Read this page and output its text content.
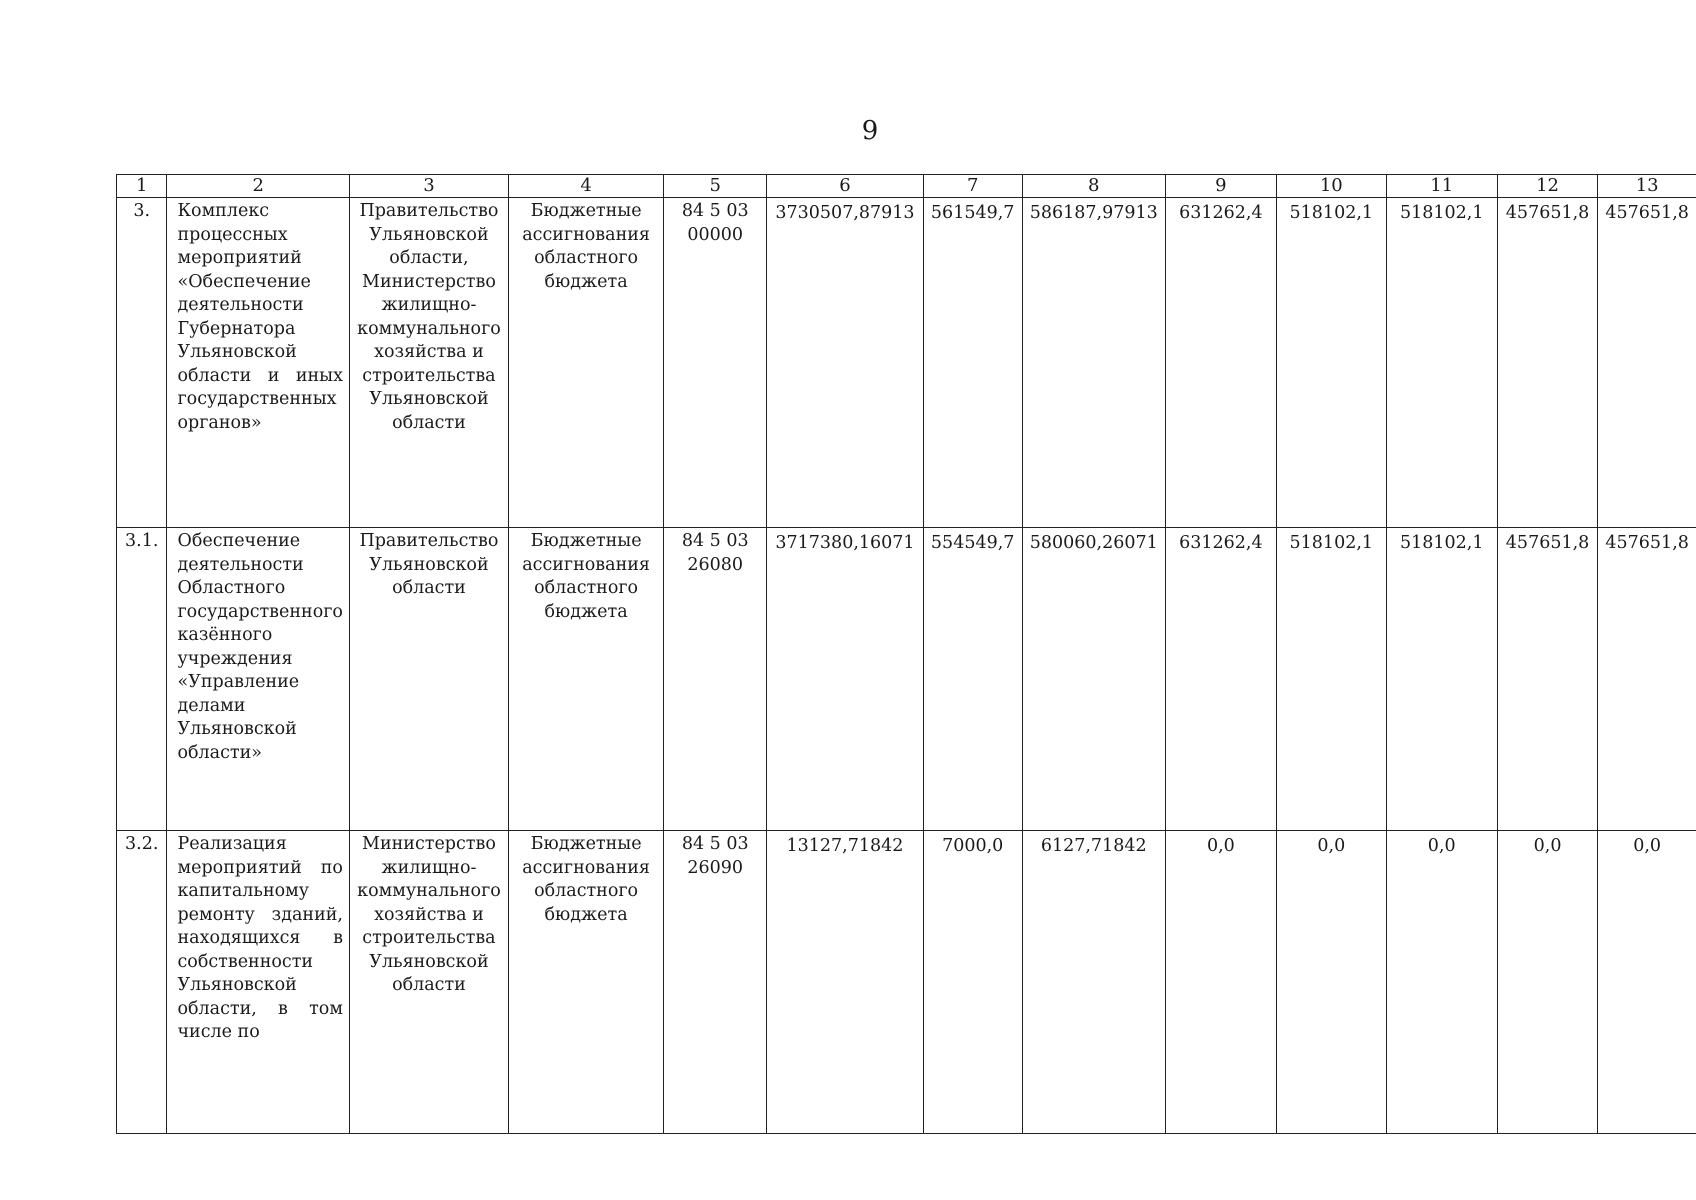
9
1	2	3	4	5	6	7	8	9	10	11	12	13
3.	Комплекс процессных мероприятий «Обеспечение деятельности Губернатора Ульяновской области и иных государственных органов»	Правительство Ульяновской области, Министерство жилищно-коммунального хозяйства и строительства Ульяновской области	Бюджетные ассигнования областного бюджета	84 5 03 00000	3730507,87913	561549,7	586187,97913	631262,4	518102,1	518102,1	457651,8	457651,8
3.1.	Обеспечение деятельности Областного государственного казённого учреждения «Управление делами Ульяновской области»	Правительство Ульяновской области	Бюджетные ассигнования областного бюджета	84 5 03 26080	3717380,16071	554549,7	580060,26071	631262,4	518102,1	518102,1	457651,8	457651,8
3.2.	Реализация мероприятий по капитальному ремонту зданий, находящихся в собственности Ульяновской области, в том числе по	Министерство жилищно-коммунального хозяйства и строительства Ульяновской области	Бюджетные ассигнования областного бюджета	84 5 03 26090	13127,71842	7000,0	6127,71842	0,0	0,0	0,0	0,0	0,0
